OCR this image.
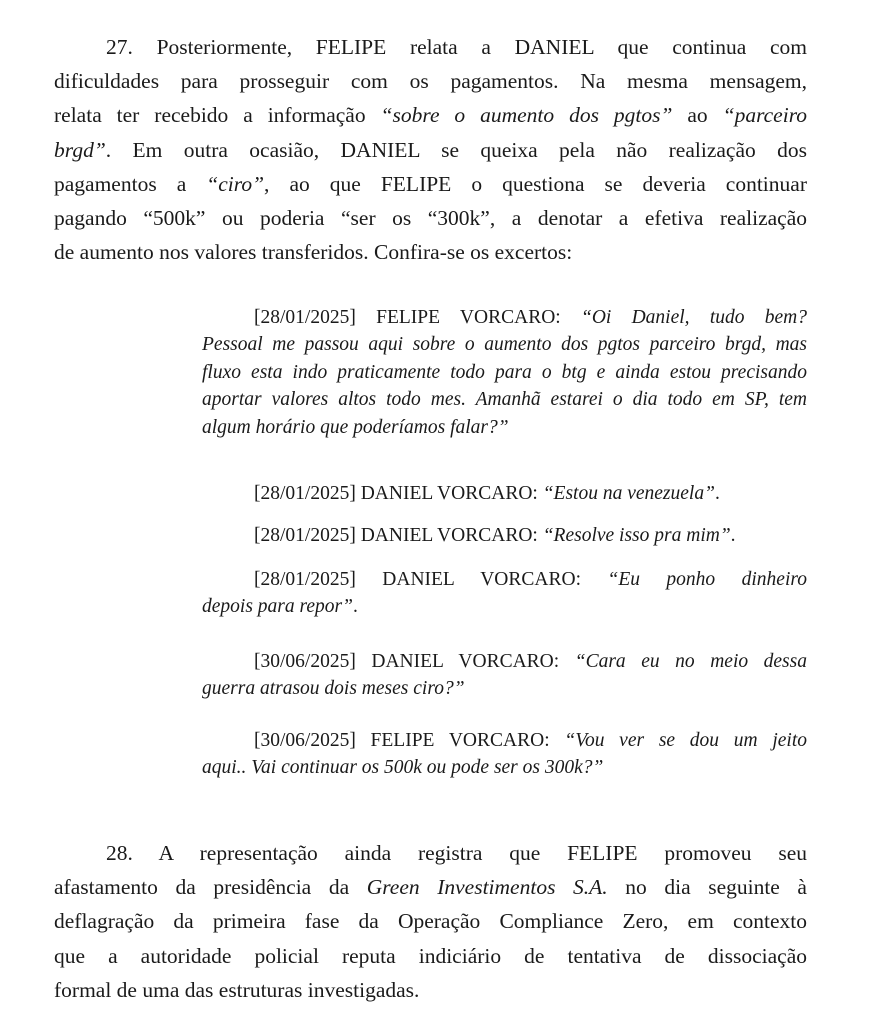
27. Posteriormente, FELIPE relata a DANIEL que continua com
dificuldades para prosseguir com os pagamentos. Na mesma mensagem,
relata ter recebido a informação “sobre o aumento dos pgtos” ao “parceiro
brgd”. Em outra ocasião, DANIEL se queixa pela não realização dos
pagamentos a “ciro”, ao que FELIPE o questiona se deveria continuar
pagando “500k” ou poderia “ser os “300k”, a denotar a efetiva realização
de aumento nos valores transferidos. Confira-se os excertos:
[28/01/2025] FELIPE VORCARO: “Oi Daniel, tudo bem?
Pessoal me passou aqui sobre o aumento dos pgtos parceiro brgd, mas
fluxo esta indo praticamente todo para o btg e ainda estou precisando
aportar valores altos todo mes. Amanhã estarei o dia todo em SP, tem
algum horário que poderíamos falar?”
[28/01/2025] DANIEL VORCARO: “Estou na venezuela”.
[28/01/2025] DANIEL VORCARO: “Resolve isso pra mim”.
[28/01/2025] DANIEL VORCARO: “Eu ponho dinheiro
depois para repor”.
[30/06/2025] DANIEL VORCARO: “Cara eu no meio dessa
guerra atrasou dois meses ciro?”
[30/06/2025] FELIPE VORCARO: “Vou ver se dou um jeito
aqui.. Vai continuar os 500k ou pode ser os 300k?”
28. A representação ainda registra que FELIPE promoveu seu
afastamento da presidência da Green Investimentos S.A. no dia seguinte à
deflagração da primeira fase da Operação Compliance Zero, em contexto
que a autoridade policial reputa indiciário de tentativa de dissociação
formal de uma das estruturas investigadas.
